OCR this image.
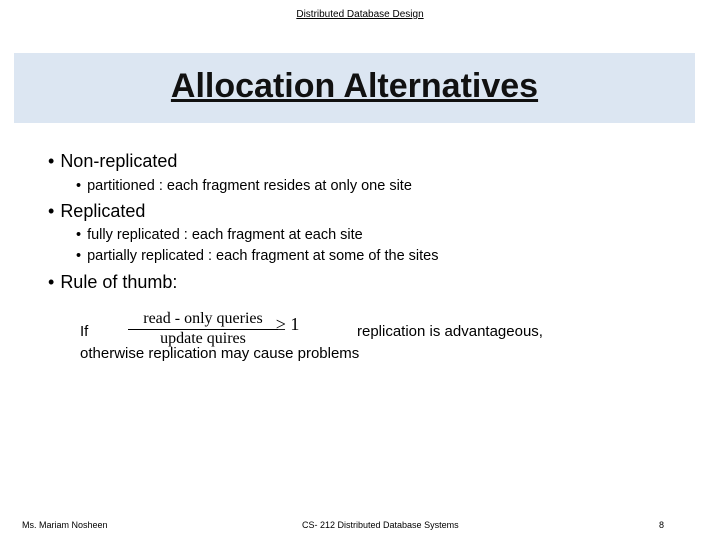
Distributed Database Design
Allocation Alternatives
• Non-replicated
• partitioned : each fragment resides at only one site
• Replicated
• fully replicated : each fragment at each site
• partially replicated : each fragment at some of the sites
• Rule of thumb:
If
read - only queries
update quires
≥ 1	replication is advantageous,
otherwise replication may cause problems
Ms. Mariam Nosheen	CS- 212 Distributed Database Systems	8
